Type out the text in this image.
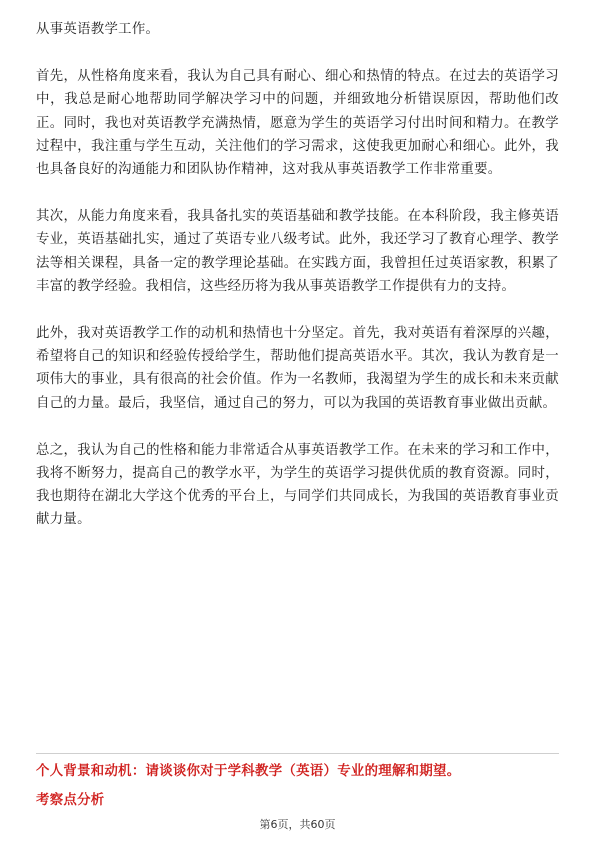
从事英语教学工作。

首先，从性格角度来看，我认为自己具有耐心、细心和热情的特点。在过去的英语学习中，我总是耐心地帮助同学解决学习中的问题，并细致地分析错误原因，帮助他们改正。同时，我也对英语教学充满热情，愿意为学生的英语学习付出时间和精力。在教学过程中，我注重与学生互动，关注他们的学习需求，这使我更加耐心和细心。此外，我也具备良好的沟通能力和团队协作精神，这对我从事英语教学工作非常重要。

其次，从能力角度来看，我具备扎实的英语基础和教学技能。在本科阶段，我主修英语专业，英语基础扎实，通过了英语专业八级考试。此外，我还学习了教育心理学、教学法等相关课程，具备一定的教学理论基础。在实践方面，我曾担任过英语家教，积累了丰富的教学经验。我相信，这些经历将为我从事英语教学工作提供有力的支持。

此外，我对英语教学工作的动机和热情也十分坚定。首先，我对英语有着深厚的兴趣，希望将自己的知识和经验传授给学生，帮助他们提高英语水平。其次，我认为教育是一项伟大的事业，具有很高的社会价值。作为一名教师，我渴望为学生的成长和未来贡献自己的力量。最后，我坚信，通过自己的努力，可以为我国的英语教育事业做出贡献。

总之，我认为自己的性格和能力非常适合从事英语教学工作。在未来的学习和工作中，我将不断努力，提高自己的教学水平，为学生的英语学习提供优质的教育资源。同时，我也期待在湖北大学这个优秀的平台上，与同学们共同成长，为我国的英语教育事业贡献力量。

个人背景和动机：请谈谈你对于学科教学（英语）专业的理解和期望。

考察点分析

第6页，共60页
